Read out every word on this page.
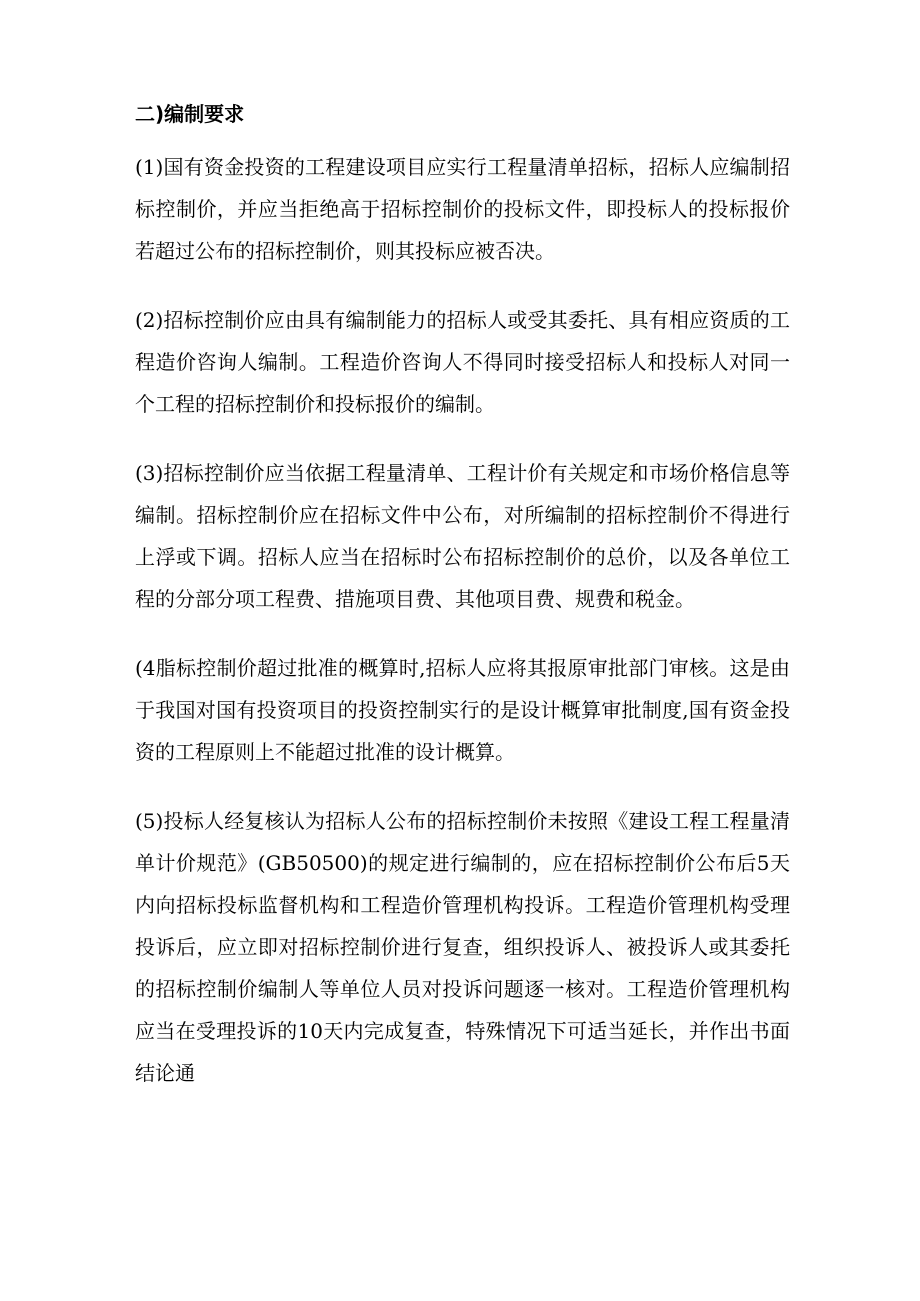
二)编制要求

(1)国有资金投资的工程建设项目应实行工程量清单招标，招标人应编制招标控制价，并应当拒绝高于招标控制价的投标文件，即投标人的投标报价若超过公布的招标控制价，则其投标应被否决。

(2)招标控制价应由具有编制能力的招标人或受其委托、具有相应资质的工程造价咨询人编制。工程造价咨询人不得同时接受招标人和投标人对同一个工程的招标控制价和投标报价的编制。

(3)招标控制价应当依据工程量清单、工程计价有关规定和市场价格信息等编制。招标控制价应在招标文件中公布，对所编制的招标控制价不得进行上浮或下调。招标人应当在招标时公布招标控制价的总价，以及各单位工程的分部分项工程费、措施项目费、其他项目费、规费和税金。

(4脂标控制价超过批准的概算时,招标人应将其报原审批部门审核。这是由于我国对国有投资项目的投资控制实行的是设计概算审批制度,国有资金投资的工程原则上不能超过批准的设计概算。

(5)投标人经复核认为招标人公布的招标控制价未按照《建设工程工程量清单计价规范》(GB50500)的规定进行编制的，应在招标控制价公布后5天内向招标投标监督机构和工程造价管理机构投诉。工程造价管理机构受理投诉后，应立即对招标控制价进行复查，组织投诉人、被投诉人或其委托的招标控制价编制人等单位人员对投诉问题逐一核对。工程造价管理机构应当在受理投诉的10天内完成复查，特殊情况下可适当延长，并作出书面结论通
